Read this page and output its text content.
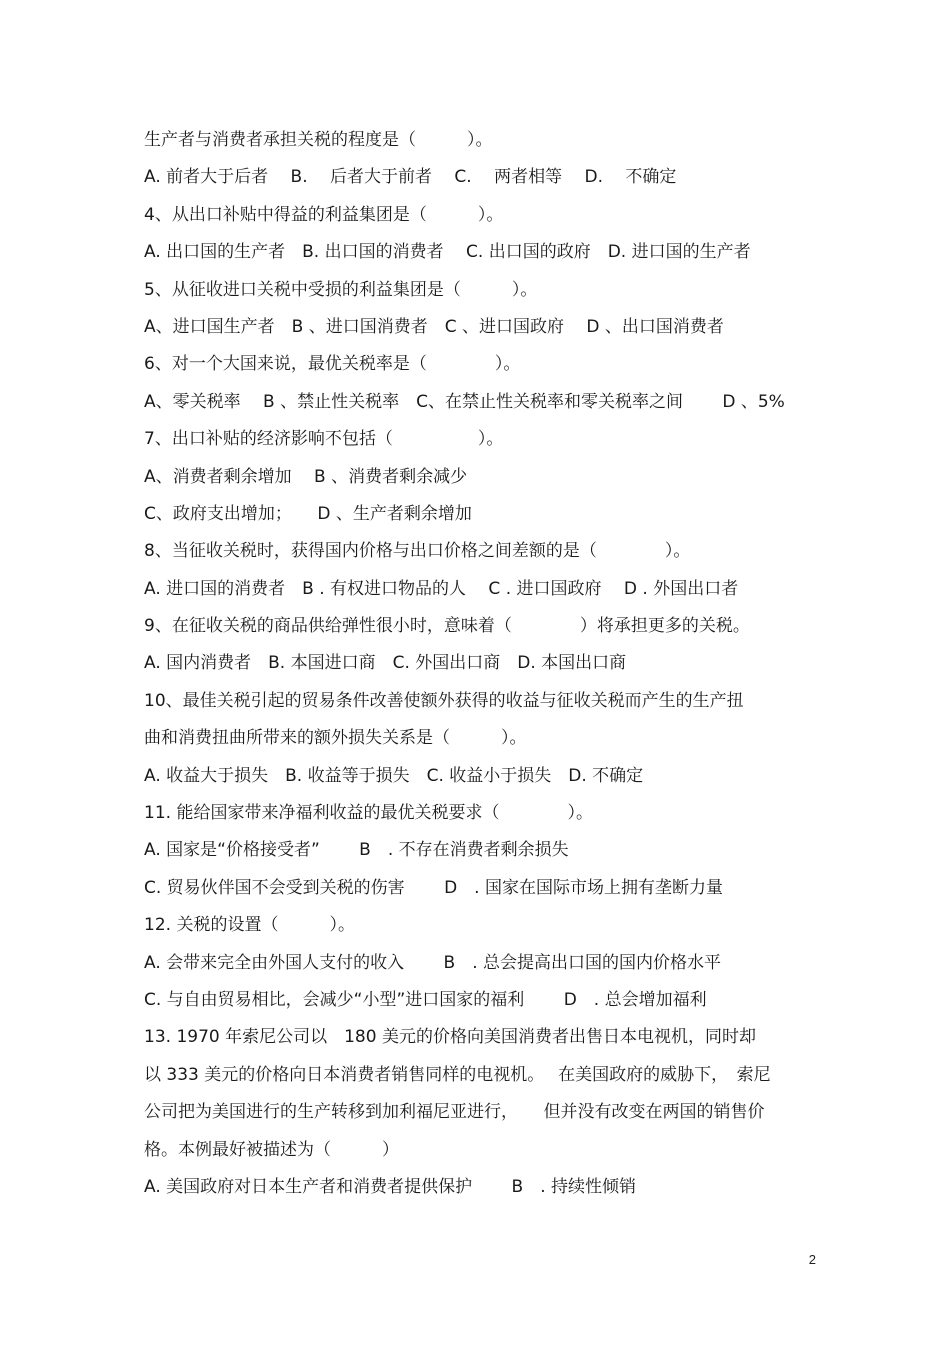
生产者与消费者承担关税的程度是（　　　）。
A. 前者大于后者　 B.　 后者大于前者　 C.　 两者相等　 D.　 不确定
4、从出口补贴中得益的利益集团是（　　　）。
A. 出口国的生产者　B. 出口国的消费者　 C. 出口国的政府　D. 进口国的生产者
5、从征收进口关税中受损的利益集团是（　　　）。
A、进口国生产者　B 、进口国消费者　C 、进口国政府　 D 、出口国消费者
6、对一个大国来说，最优关税率是（　　　　）。
A、零关税率　 B 、禁止性关税率　C、在禁止性关税率和零关税率之间　　 D 、5%
7、出口补贴的经济影响不包括（　　　　　）。
A、消费者剩余增加　 B 、消费者剩余减少
C、政府支出增加；　　D 、生产者剩余增加
8、当征收关税时，获得国内价格与出口价格之间差额的是（　　　　）。
A. 进口国的消费者　B . 有权进口物品的人　 C . 进口国政府　 D . 外国出口者
9、在征收关税的商品供给弹性很小时，意味着（　　　　）将承担更多的关税。
A. 国内消费者　B. 本国进口商　C. 外国出口商　D. 本国出口商
10、最佳关税引起的贸易条件改善使额外获得的收益与征收关税而产生的生产扭
曲和消费扭曲所带来的额外损失关系是（　　　）。
A. 收益大于损失　B. 收益等于损失　C. 收益小于损失　D. 不确定
11. 能给国家带来净福利收益的最优关税要求（　　　　）。
A. 国家是“价格接受者”　　 B　. 不存在消费者剩余损失
C. 贸易伙伴国不会受到关税的伤害　　 D　. 国家在国际市场上拥有垄断力量
12. 关税的设置（　　　）。
A. 会带来完全由外国人支付的收入　　 B　. 总会提高出口国的国内价格水平
C. 与自由贸易相比，会减少“小型”进口国家的福利　　 D　. 总会增加福利
13. 1970 年索尼公司以　180 美元的价格向美国消费者出售日本电视机，同时却
以 333 美元的价格向日本消费者销售同样的电视机。　 在美国政府的威胁下，　索尼
公司把为美国进行的生产转移到加利福尼亚进行，　　但并没有改变在两国的销售价
格。本例最好被描述为（　　　）
A. 美国政府对日本生产者和消费者提供保护　　 B　. 持续性倾销
2
